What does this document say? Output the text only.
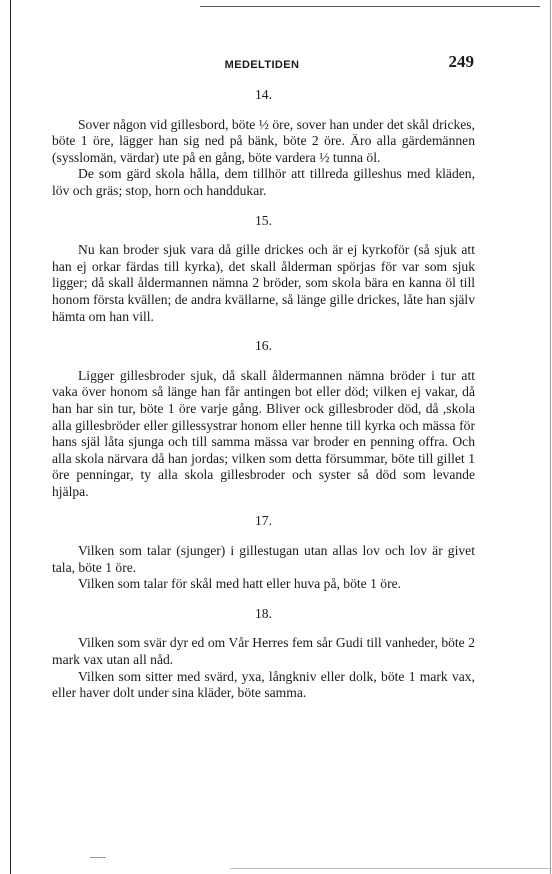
MEDELTIDEN	249
14.

Sover någon vid gillesbord, böte ½ öre, sover han under det skål drickes, böte 1 öre, lägger han sig ned på bänk, böte 2 öre. Äro alla gärdemännen (sysslomän, värdar) ute på en gång, böte vardera ½ tunna öl.

De som gärd skola hålla, dem tillhör att tillreda gilleshus med kläden, löv och gräs; stop, horn och handdukar.

15.

Nu kan broder sjuk vara då gille drickes och är ej kyrkoför (så sjuk att han ej orkar färdas till kyrka), det skall ålderman spörjas för var som sjuk ligger; då skall åldermannen nämna 2 bröder, som skola bära en kanna öl till honom första kvällen; de andra kvällarne, så länge gille drickes, låte han själv hämta om han vill.

16.

Ligger gillesbroder sjuk, då skall åldermannen nämna bröder i tur att vaka över honom så länge han får antingen bot eller död; vilken ej vakar, då han har sin tur, böte 1 öre varje gång. Bliver ock gillesbroder död, då ,skola alla gillesbröder eller gillessystrar honom eller henne till kyrka och mässa för hans själ låta sjunga och till samma mässa var broder en penning offra. Och alla skola närvara då han jordas; vilken som detta försummar, böte till gillet 1 öre penningar, ty alla skola gillesbroder och syster så död som levande hjälpa.

17.

Vilken som talar (sjunger) i gillestugan utan allas lov och lov är givet tala, böte 1 öre.

Vilken som talar för skål med hatt eller huva på, böte 1 öre.

18.

Vilken som svär dyr ed om Vår Herres fem sår Gudi till vanheder, böte 2 mark vax utan all nåd.

Vilken som sitter med svärd, yxa, långkniv eller dolk, böte 1 mark vax, eller haver dolt under sina kläder, böte samma.
